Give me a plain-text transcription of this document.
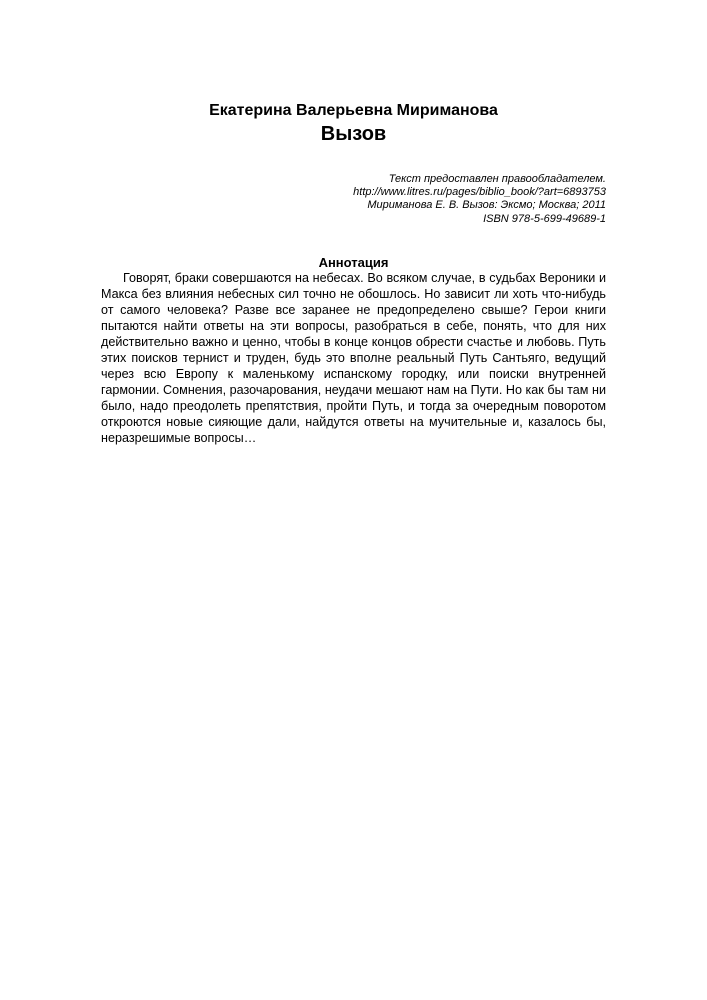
Екатерина Валерьевна Мириманова
Вызов
Текст предоставлен правообладателем.
http://www.litres.ru/pages/biblio_book/?art=6893753
Мириманова Е. В. Вызов: Эксмо; Москва; 2011
ISBN 978-5-699-49689-1
Аннотация

Говорят, браки совершаются на небесах. Во всяком случае, в судьбах Вероники и Макса без влияния небесных сил точно не обошлось. Но зависит ли хоть что-нибудь от самого человека? Разве все заранее не предопределено свыше? Герои книги пытаются найти ответы на эти вопросы, разобраться в себе, понять, что для них действительно важно и ценно, чтобы в конце концов обрести счастье и любовь. Путь этих поисков тернист и труден, будь это вполне реальный Путь Сантьяго, ведущий через всю Европу к маленькому испанскому городку, или поиски внутренней гармонии. Сомнения, разочарования, неудачи мешают нам на Пути. Но как бы там ни было, надо преодолеть препятствия, пройти Путь, и тогда за очередным поворотом откроются новые сияющие дали, найдутся ответы на мучительные и, казалось бы, неразрешимые вопросы…
